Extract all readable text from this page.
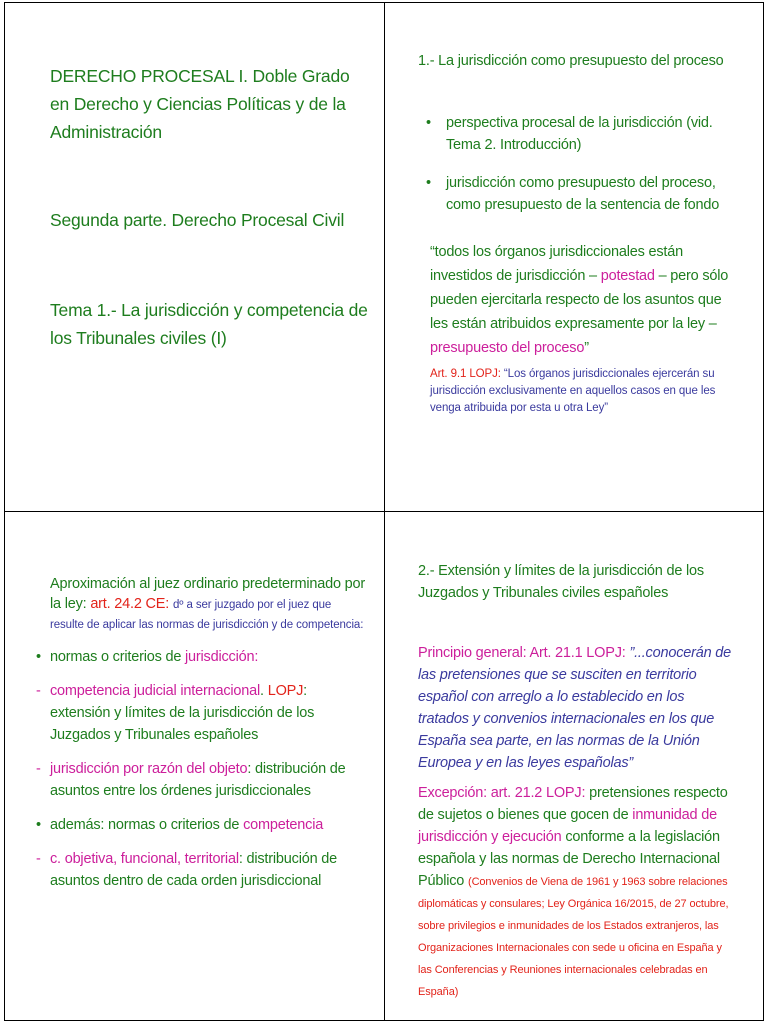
DERECHO PROCESAL I. Doble Grado en Derecho y Ciencias Políticas y de la Administración

Segunda parte. Derecho Procesal Civil

Tema 1.- La jurisdicción y competencia de los Tribunales civiles (I)

1.- La jurisdicción como presupuesto del proceso

• perspectiva procesal de la jurisdicción (vid. Tema 2. Introducción)
• jurisdicción como presupuesto del proceso, como presupuesto de la sentencia de fondo

“todos los órganos jurisdiccionales están investidos de jurisdicción – potestad – pero sólo pueden ejercitarla respecto de los asuntos que les están atribuidos expresamente por la ley –presupuesto del proceso”

Art. 9.1 LOPJ: “Los órganos jurisdiccionales ejercerán su jurisdicción exclusivamente en aquellos casos en que les venga atribuida por esta u otra Ley”

Aproximación al juez ordinario predeterminado por la ley: art. 24.2 CE: dº a ser juzgado por el juez que resulte de aplicar las normas de jurisdicción y de competencia:

• normas o criterios de jurisdicción:
- competencia judicial internacional. LOPJ: extensión y límites de la jurisdicción de los Juzgados y Tribunales españoles
- jurisdicción por razón del objeto: distribución de asuntos entre los órdenes jurisdiccionales
• además: normas o criterios de competencia
- c. objetiva, funcional, territorial: distribución de asuntos dentro de cada orden jurisdiccional

2.- Extensión y límites de la jurisdicción de los Juzgados y Tribunales civiles españoles

Principio general: Art. 21.1 LOPJ: ”...conocerán de las pretensiones que se susciten en territorio español con arreglo a lo establecido en los tratados y convenios internacionales en los que España sea parte, en las normas de la Unión Europea y en las leyes españolas”

Excepción: art. 21.2 LOPJ: pretensiones respecto de sujetos o bienes que gocen de inmunidad de jurisdicción y ejecución conforme a la legislación española y las normas de Derecho Internacional Público (Convenios de Viena de 1961 y 1963 sobre relaciones diplomáticas y consulares; Ley Orgánica 16/2015, de 27 octubre, sobre privilegios e inmunidades de los Estados extranjeros, las Organizaciones Internacionales con sede u oficina en España y las Conferencias y Reuniones internacionales celebradas en España)
